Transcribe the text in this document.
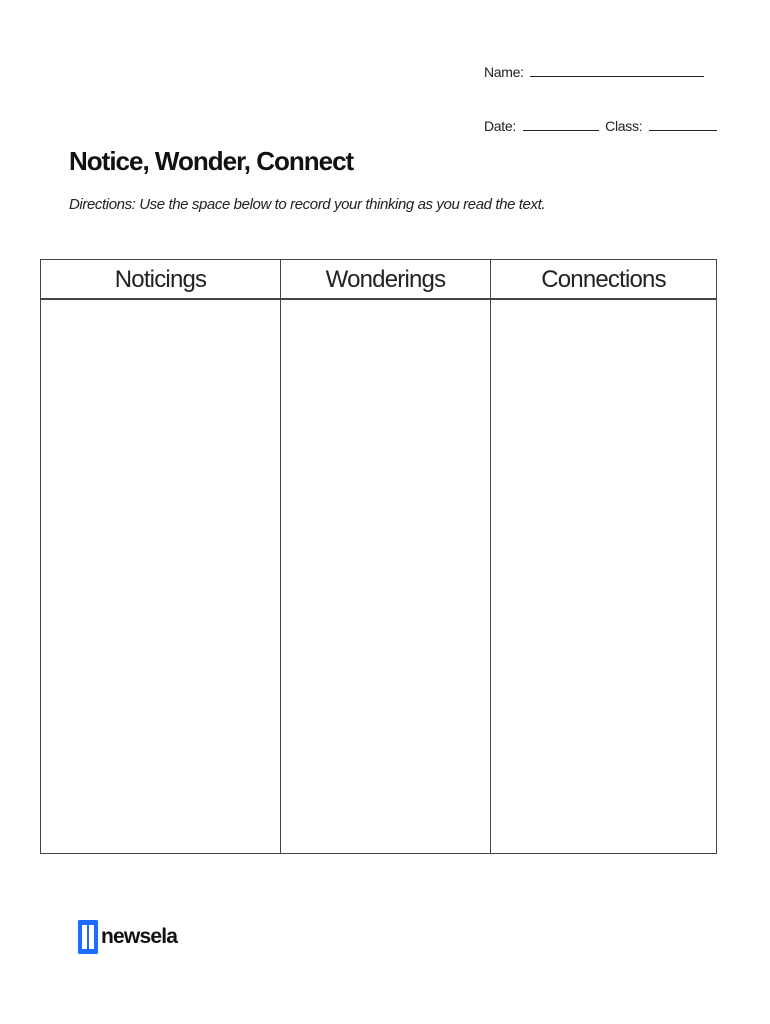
Name:
Date:	Class:
Notice, Wonder, Connect

Directions: Use the space below to record your thinking as you read the text.

Noticings	Wonderings	Connections
newsela
